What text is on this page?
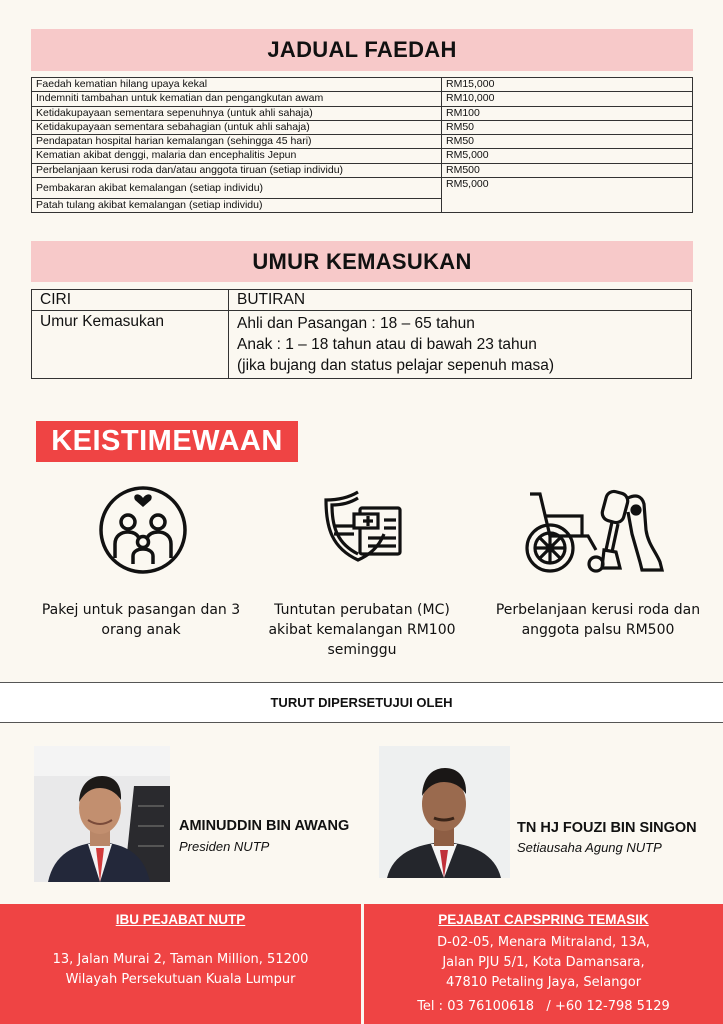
JADUAL FAEDAH
Faedah kematian hilang upaya kekal	RM15,000
Indemniti tambahan untuk kematian dan pengangkutan awam	RM10,000
Ketidakupayaan sementara sepenuhnya (untuk ahli sahaja)	RM100
Ketidakupayaan sementara sebahagian (untuk ahli sahaja)	RM50
Pendapatan hospital harian kemalangan (sehingga 45 hari)	RM50
Kematian akibat denggi, malaria dan encephalitis Jepun	RM5,000
Perbelanjaan kerusi roda dan/atau anggota tiruan (setiap individu)	RM500
Pembakaran akibat kemalangan (setiap individu)	RM5,000
Patah tulang akibat kemalangan (setiap individu)	
UMUR KEMASUKAN
CIRI	BUTIRAN
Umur Kemasukan	Ahli dan Pasangan : 18 – 65 tahun
Anak : 1 – 18 tahun atau di bawah 23 tahun
(jika bujang dan status pelajar sepenuh masa)
KEISTIMEWAAN
Pakej untuk pasangan dan 3 orang anak
Tuntutan perubatan (MC) akibat kemalangan RM100 seminggu
Perbelanjaan kerusi roda dan anggota palsu RM500
TURUT DIPERSETUJUI OLEH
AMINUDDIN BIN AWANG
Presiden NUTP
TN HJ FOUZI BIN SINGON
Setiausaha Agung NUTP
IBU PEJABAT NUTP
13, Jalan Murai 2, Taman Million, 51200
Wilayah Persekutuan Kuala Lumpur
PEJABAT CAPSPRING TEMASIK
D-02-05, Menara Mitraland, 13A,
Jalan PJU 5/1, Kota Damansara,
47810 Petaling Jaya, Selangor
Tel : 03 76100618   / +60 12-798 5129
